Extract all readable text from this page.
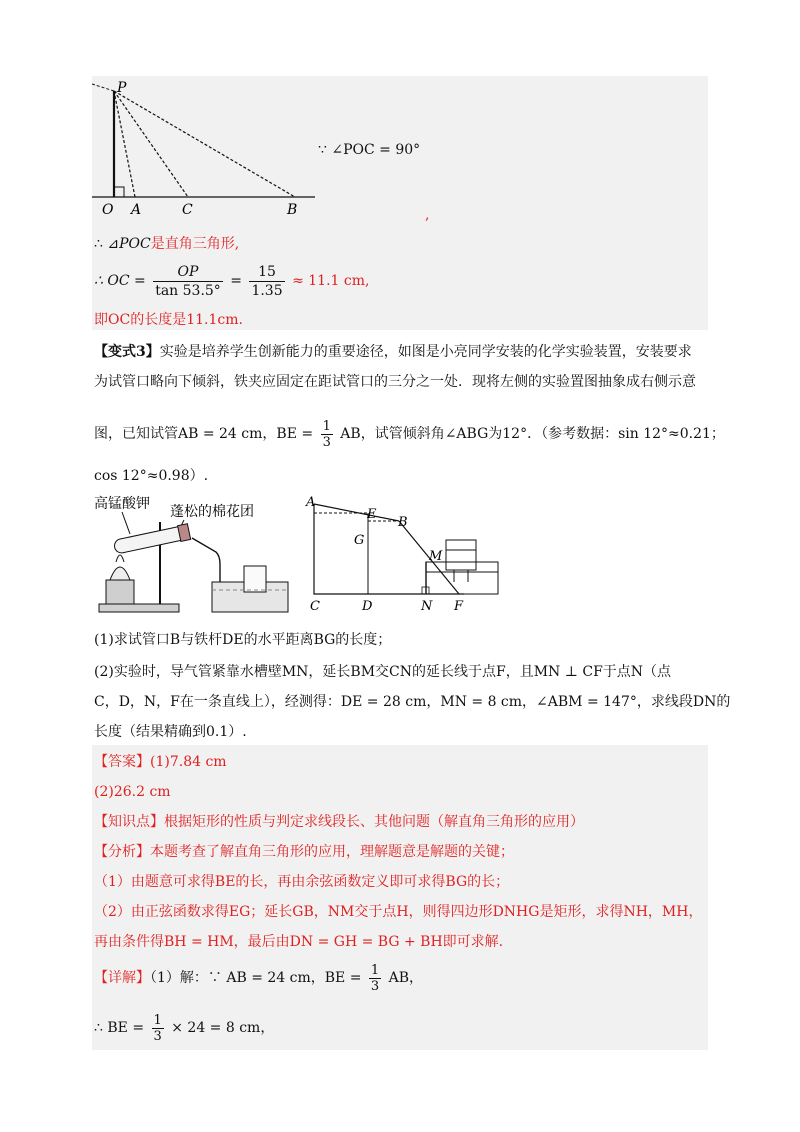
P
O A	C	B
∵ ∠POC = 90°
,
∴ ⊿POC是直角三角形,
∴ OC = $\frac{OP}{\tan 53.5^\circ} = \frac{15}{1.35} \approx 11.1$ cm,
即OC的长度是11.1cm.
【变式3】实验是培养学生创新能力的重要途径，如图是小亮同学安装的化学实验装置，安装要求
为试管口略向下倾斜，铁夹应固定在距试管口的三分之一处．现将左侧的实验置图抽象成右侧示意
图，已知试管AB = 24 cm，BE = $\frac{1}{3}$ AB，试管倾斜角∠ABG为12°．（参考数据：sin 12°≈0.21；
cos 12°≈0.98）.
高锰酸钾 蓬松的棉花团
A
E
B
G
M
C	D	N F
(1)求试管口B与铁杆DE的水平距离BG的长度；
(2)实验时，导气管紧靠水槽壁MN，延长BM交CN的延长线于点F，且MN ⊥ CF于点N（点
C，D，N，F在一条直线上），经测得：DE = 28 cm，MN = 8 cm，∠ABM = 147°，求线段DN的
长度（结果精确到0.1）.
【答案】(1)7.84 cm
(2)26.2 cm
【知识点】根据矩形的性质与判定求线段长、其他问题（解直角三角形的应用）
【分析】本题考查了解直角三角形的应用，理解题意是解题的关键；
（1）由题意可求得BE的长，再由余弦函数定义即可求得BG的长；
（2）由正弦函数求得EG；延长GB，NM交于点H，则得四边形DNHG是矩形，求得NH，MH，
再由条件得BH = HM，最后由DN = GH = BG + BH即可求解.
【详解】（1）解：∵ AB = 24 cm，BE = $\frac{1}{3}$ AB，
∴ BE = $\frac{1}{3} \times 24 = 8$ cm，
